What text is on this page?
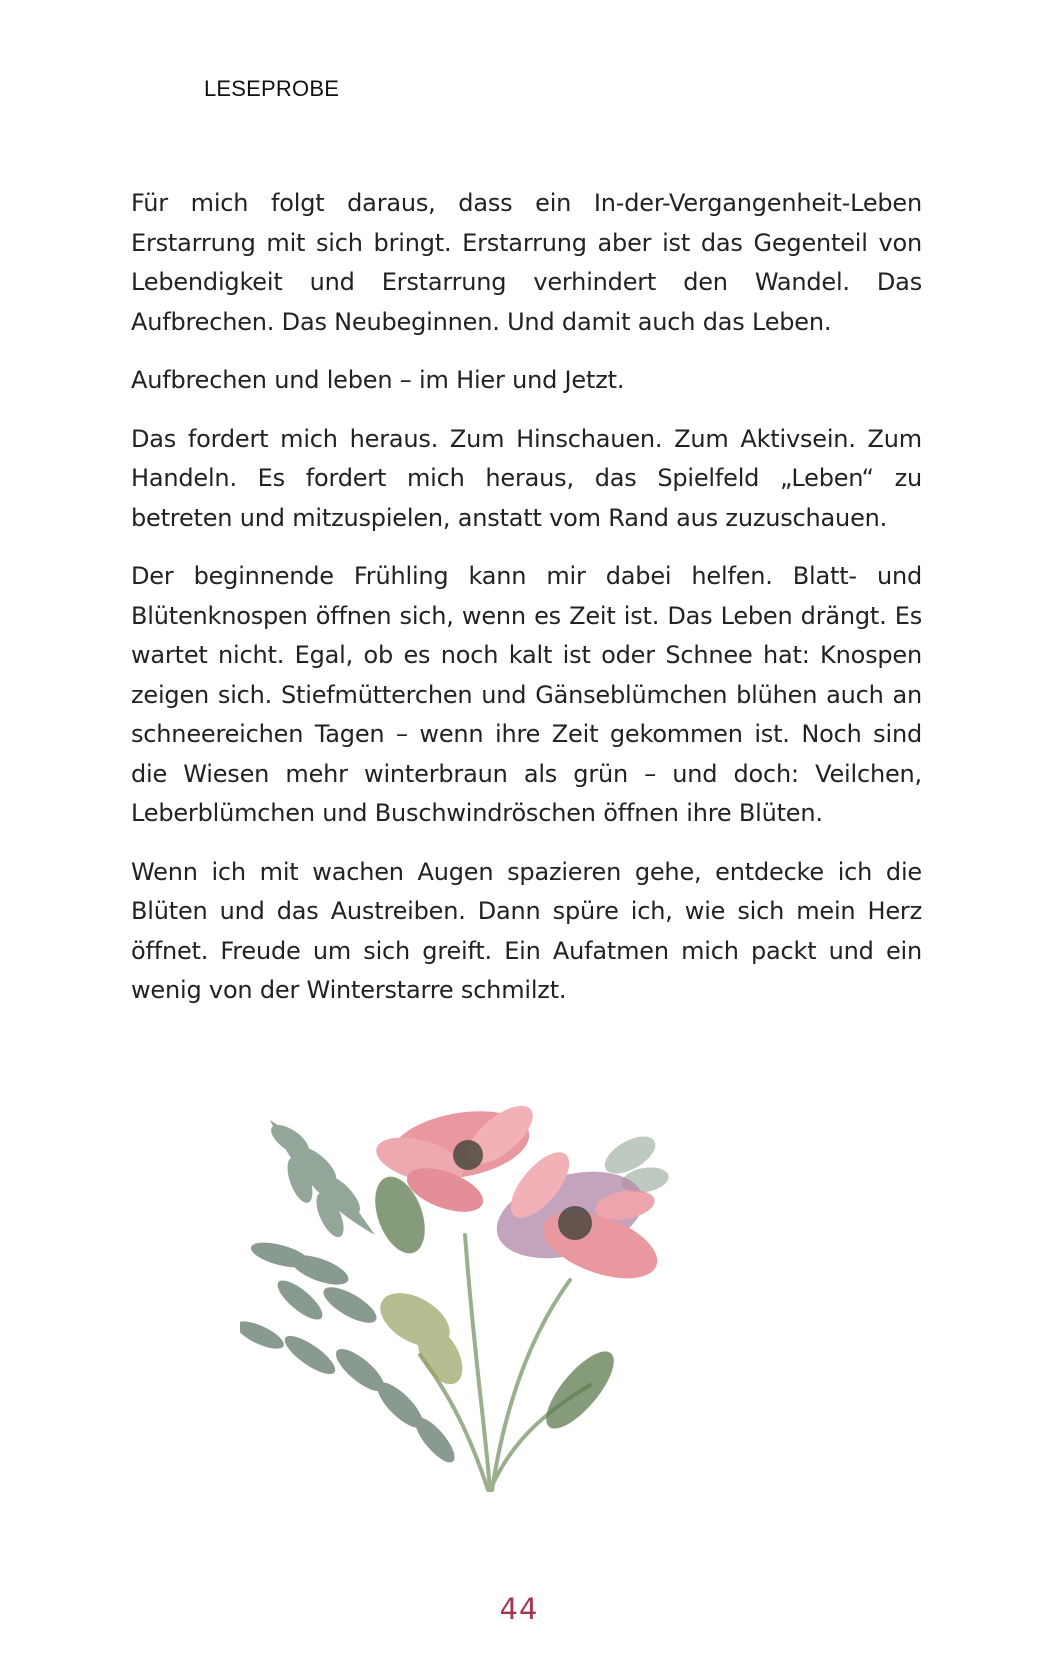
LESEPROBE

Für mich folgt daraus, dass ein In-der-Vergangenheit-Leben Erstarrung mit sich bringt. Erstarrung aber ist das Gegenteil von Lebendigkeit und Erstarrung verhindert den Wandel. Das Aufbrechen. Das Neubeginnen. Und damit auch das Leben.

Aufbrechen und leben – im Hier und Jetzt.

Das fordert mich heraus. Zum Hinschauen. Zum Aktivsein. Zum Handeln. Es fordert mich heraus, das Spielfeld „Leben“ zu betreten und mitzuspielen, anstatt vom Rand aus zuzuschauen.

Der beginnende Frühling kann mir dabei helfen. Blatt- und Blütenknospen öffnen sich, wenn es Zeit ist. Das Leben drängt. Es wartet nicht. Egal, ob es noch kalt ist oder Schnee hat: Knospen zeigen sich. Stiefmütterchen und Gänseblümchen blühen auch an schneereichen Tagen – wenn ihre Zeit gekommen ist. Noch sind die Wiesen mehr winterbraun als grün – und doch: Veilchen, Leberblümchen und Buschwindröschen öffnen ihre Blüten.

Wenn ich mit wachen Augen spazieren gehe, entdecke ich die Blüten und das Austreiben. Dann spüre ich, wie sich mein Herz öffnet. Freude um sich greift. Ein Aufatmen mich packt und ein wenig von der Winterstarre schmilzt.

44
